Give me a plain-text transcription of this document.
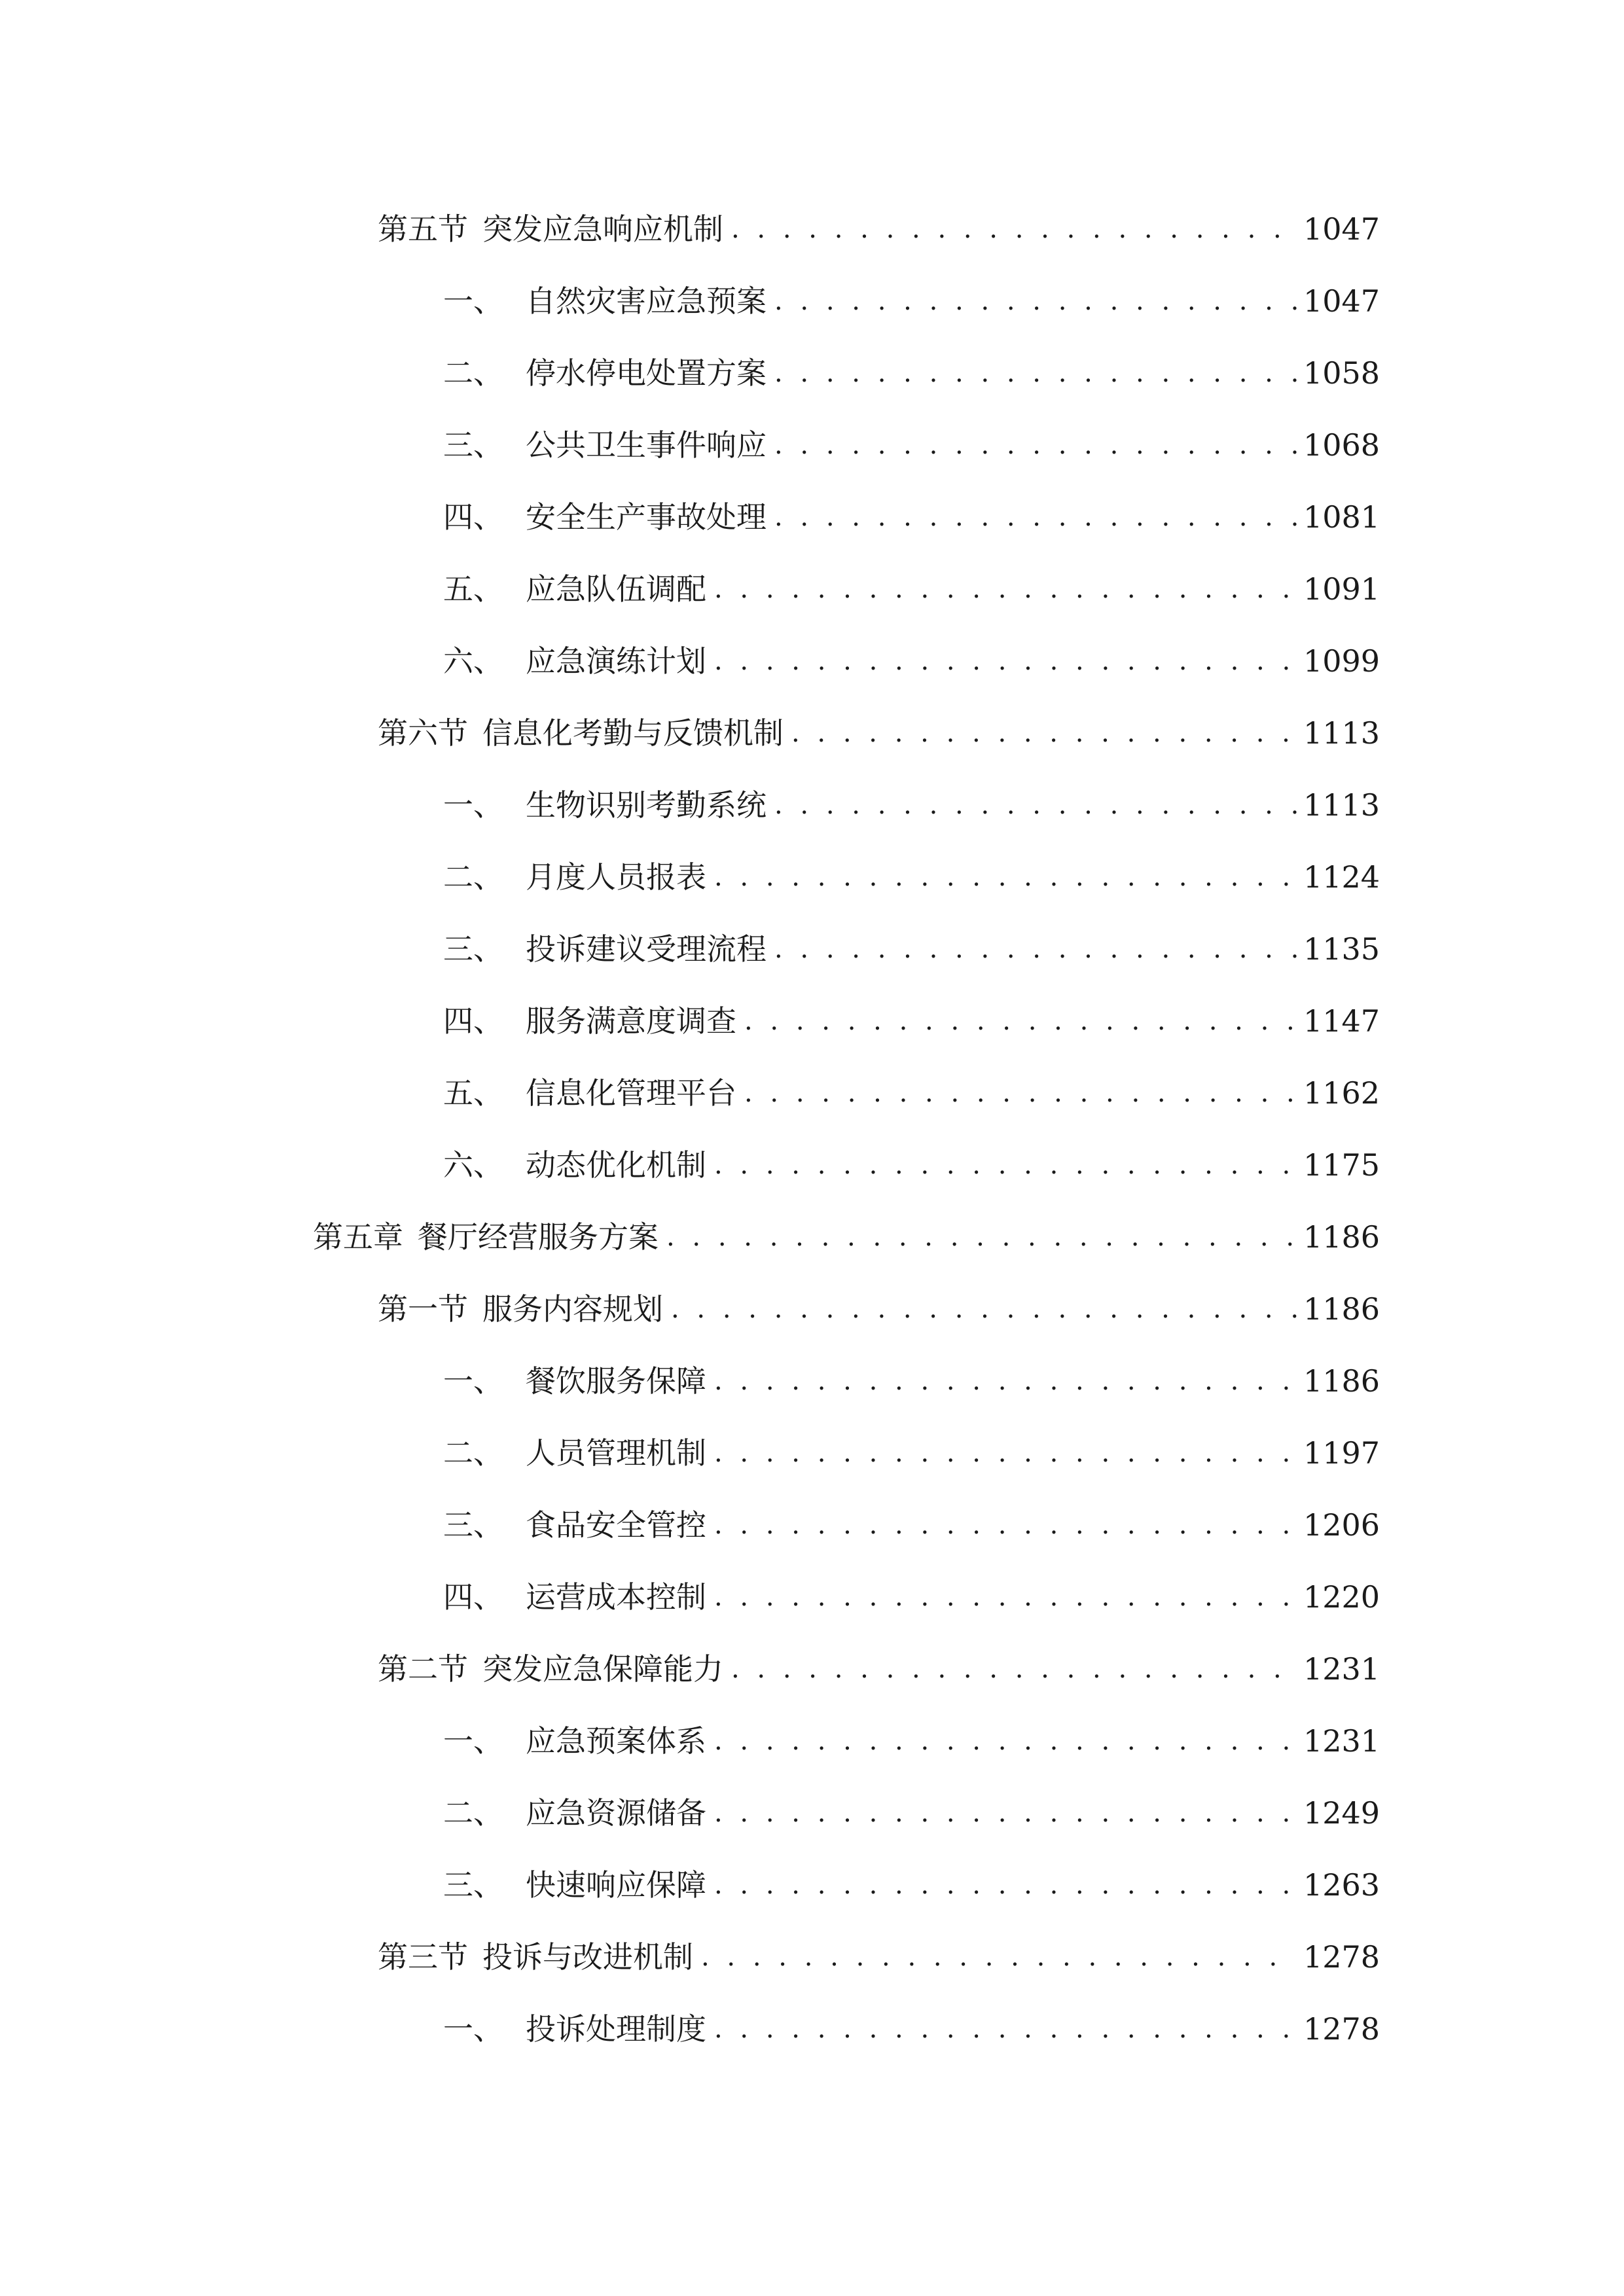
第五节 突发应急响应机制 . . .	1047
一、 自然灾害应急预案 . . .	1047
二、 停水停电处置方案 . . .	1058
三、 公共卫生事件响应 . . .	1068
四、 安全生产事故处理 . . .	1081
五、 应急队伍调配 . . .	1091
六、 应急演练计划 . . .	1099
第六节 信息化考勤与反馈机制 . . .	1113
一、 生物识别考勤系统 . . .	1113
二、 月度人员报表 . . .	1124
三、 投诉建议受理流程 . . .	1135
四、 服务满意度调查 . . .	1147
五、 信息化管理平台 . . .	1162
六、 动态优化机制 . . .	1175
第五章 餐厅经营服务方案 . . .	1186
第一节 服务内容规划 . . .	1186
一、 餐饮服务保障 . . .	1186
二、 人员管理机制 . . .	1197
三、 食品安全管控 . . .	1206
四、 运营成本控制 . . .	1220
第二节 突发应急保障能力 . . .	1231
一、 应急预案体系 . . .	1231
二、 应急资源储备 . . .	1249
三、 快速响应保障 . . .	1263
第三节 投诉与改进机制 . . .	1278
一、 投诉处理制度 . . .	1278
